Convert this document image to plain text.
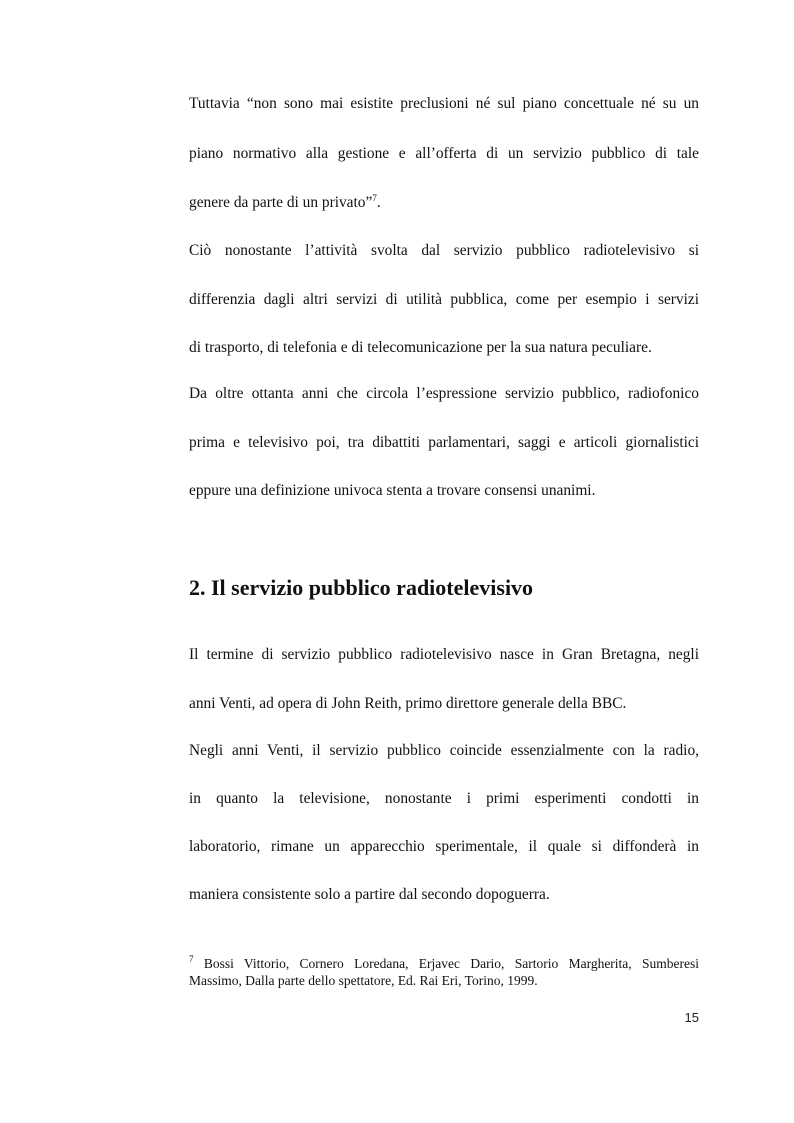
Tuttavia “non sono mai esistite preclusioni né sul piano concettuale né su un
piano normativo alla gestione e all’offerta di un servizio pubblico di tale
genere da parte di un privato”$^7$.
Ciò nonostante l’attività svolta dal servizio pubblico radiotelevisivo si
differenzia dagli altri servizi di utilità pubblica, come per esempio i servizi
di trasporto, di telefonia e di telecomunicazione per la sua natura peculiare.
Da oltre ottanta anni che circola l’espressione servizio pubblico, radiofonico
prima e televisivo poi, tra dibattiti parlamentari, saggi e articoli giornalistici
eppure una definizione univoca stenta a trovare consensi unanimi.
2. Il servizio pubblico radiotelevisivo
Il termine di servizio pubblico radiotelevisivo nasce in Gran Bretagna, negli
anni Venti, ad opera di John Reith, primo direttore generale della BBC.
Negli anni Venti, il servizio pubblico coincide essenzialmente con la radio,
in quanto la televisione, nonostante i primi esperimenti condotti in
laboratorio, rimane un apparecchio sperimentale, il quale si diffonderà in
maniera consistente solo a partire dal secondo dopoguerra.
$^7$ Bossi Vittorio, Cornero Loredana, Erjavec Dario, Sartorio Margherita, Sumberesi
Massimo, Dalla parte dello spettatore, Ed. Rai Eri, Torino, 1999.
15
